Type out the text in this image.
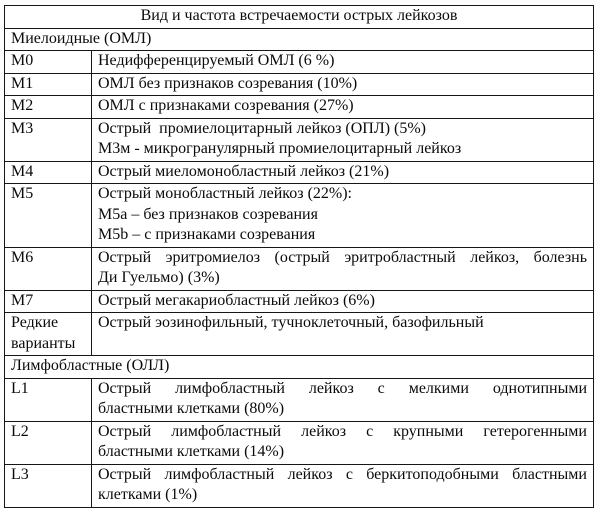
Вид и частота встречаемости острых лейкозов	
Миелоидные (ОМЛ)	
M0	Недифференцируемый ОМЛ (6 %)

M1	ОМЛ без признаков созревания (10%)

M2	ОМЛ с признаками созревания (27%)

M3	Острый  промиелоцитарный лейкоз (ОПЛ) (5%)
М3м - микрогранулярный промиелоцитарный лейкоз

M4	Острый миеломонобластный лейкоз (21%)

M5	Острый монобластный лейкоз (22%):
М5а – без признаков созревания
М5b – с признаками созревания

M6	Острый эритромиелоз (острый эритробластный лейкоз, болезнь
Ди Гуельмо) (3%)

M7	Острый мегакариобластный лейкоз (6%)

Редкие варианты	Острый эозинофильный, тучноклеточный, базофильный

Лимфобластные (ОЛЛ)	
L1	Острый лимфобластный лейкоз с мелкими однотипными
бластными клетками (80%)

L2	Острый лимфобластный лейкоз с крупными гетерогенными
бластными клетками (14%)

L3	Острый лимфобластный лейкоз с беркитоподобными бластными
клетками (1%)
